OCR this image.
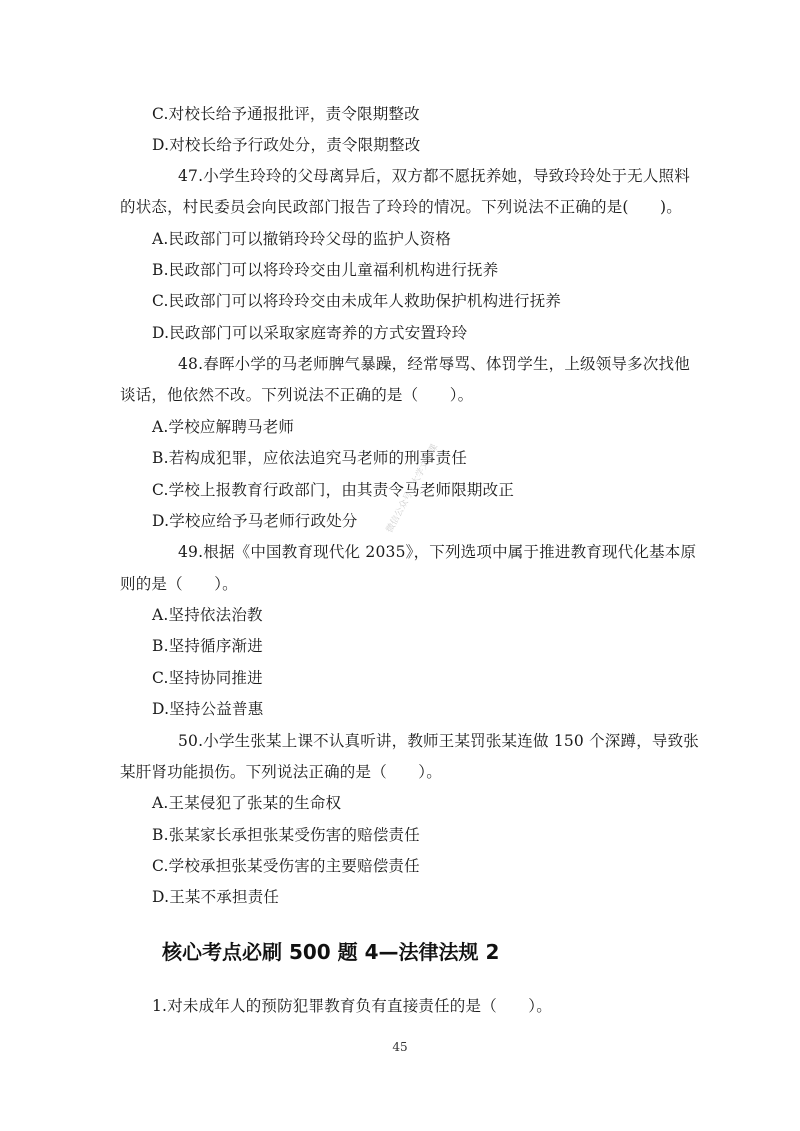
C.对校长给予通报批评，责令限期整改
D.对校长给予行政处分，责令限期整改
47.小学生玲玲的父母离异后，双方都不愿抚养她，导致玲玲处于无人照料
的状态，村民委员会向民政部门报告了玲玲的情况。下列说法不正确的是(　　)。
A.民政部门可以撤销玲玲父母的监护人资格
B.民政部门可以将玲玲交由儿童福利机构进行抚养
C.民政部门可以将玲玲交由未成年人救助保护机构进行抚养
D.民政部门可以采取家庭寄养的方式安置玲玲
48.春晖小学的马老师脾气暴躁，经常辱骂、体罚学生，上级领导多次找他
谈话，他依然不改。下列说法不正确的是（　　）。
A.学校应解聘马老师
B.若构成犯罪，应依法追究马老师的刑事责任
C.学校上报教育行政部门，由其责令马老师限期改正
D.学校应给予马老师行政处分
49.根据《中国教育现代化 2035》，下列选项中属于推进教育现代化基本原
则的是（　　）。
A.坚持依法治教
B.坚持循序渐进
C.坚持协同推进
D.坚持公益普惠
50.小学生张某上课不认真听讲，教师王某罚张某连做 150 个深蹲，导致张
某肝肾功能损伤。下列说法正确的是（　　）。
A.王某侵犯了张某的生命权
B.张某家长承担张某受伤害的赔偿责任
C.学校承担张某受伤害的主要赔偿责任
D.王某不承担责任
核心考点必刷 500 题 4—法律法规 2
1.对未成年人的预防犯罪教育负有直接责任的是（　　）。
微信公众号 / 大学文化课
45
